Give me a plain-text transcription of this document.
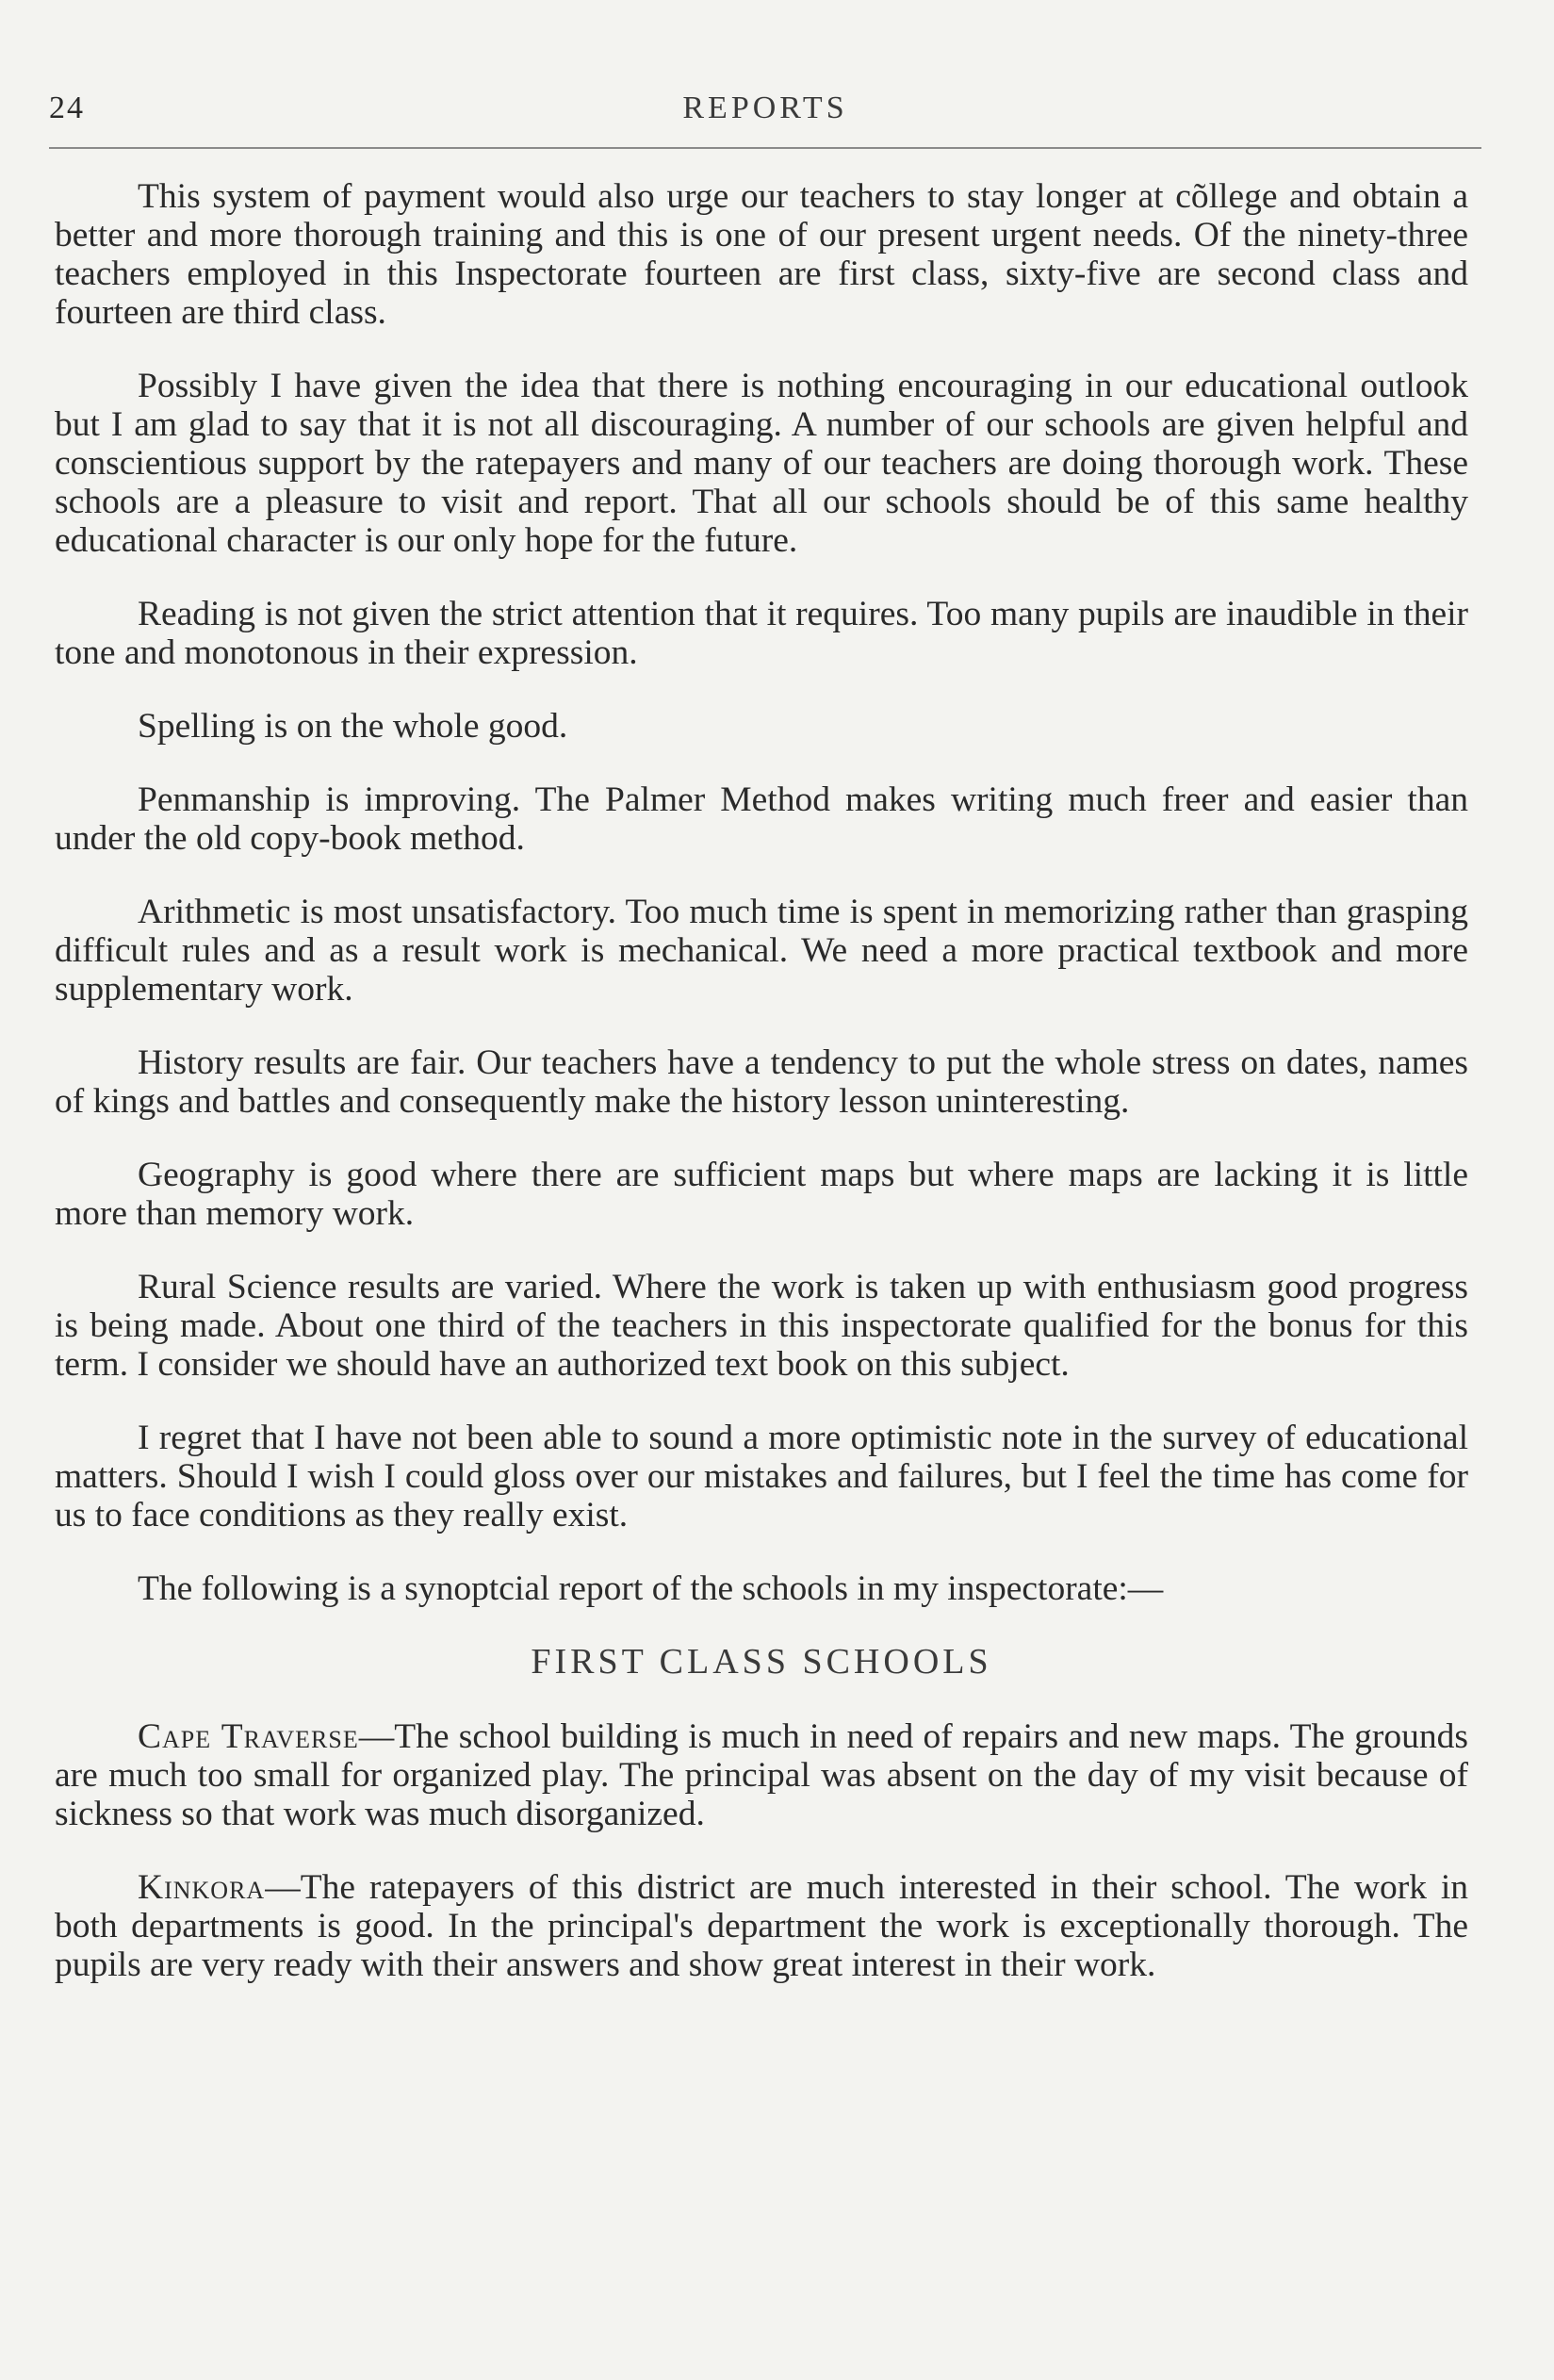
24	REPORTS

This system of payment would also urge our teachers to stay longer at cõllege and obtain a better and more thorough training and this is one of our present urgent needs. Of the ninety-three teachers employed in this Inspectorate fourteen are first class, sixty-five are second class and fourteen are third class.

Possibly I have given the idea that there is nothing encouraging in our educational outlook but I am glad to say that it is not all discouraging. A number of our schools are given helpful and conscientious support by the ratepayers and many of our teachers are doing thorough work. These schools are a pleasure to visit and report. That all our schools should be of this same healthy educational character is our only hope for the future.

Reading is not given the strict attention that it requires. Too many pupils are inaudible in their tone and monotonous in their expression.

Spelling is on the whole good.

Penmanship is improving. The Palmer Method makes writing much freer and easier than under the old copy-book method.

Arithmetic is most unsatisfactory. Too much time is spent in memorizing rather than grasping difficult rules and as a result work is mechanical. We need a more practical textbook and more supplementary work.

History results are fair. Our teachers have a tendency to put the whole stress on dates, names of kings and battles and consequently make the history lesson uninteresting.

Geography is good where there are sufficient maps but where maps are lacking it is little more than memory work.

Rural Science results are varied. Where the work is taken up with enthusiasm good progress is being made. About one third of the teachers in this inspectorate qualified for the bonus for this term. I consider we should have an authorized text book on this subject.

I regret that I have not been able to sound a more optimistic note in the survey of educational matters. Should I wish I could gloss over our mistakes and failures, but I feel the time has come for us to face conditions as they really exist.

The following is a synoptcial report of the schools in my inspectorate:—

FIRST CLASS SCHOOLS

Cape Traverse—The school building is much in need of repairs and new maps. The grounds are much too small for organized play. The principal was absent on the day of my visit because of sickness so that work was much disorganized.

Kinkora—The ratepayers of this district are much interested in their school. The work in both departments is good. In the principal's department the work is exceptionally thorough. The pupils are very ready with their answers and show great interest in their work.
